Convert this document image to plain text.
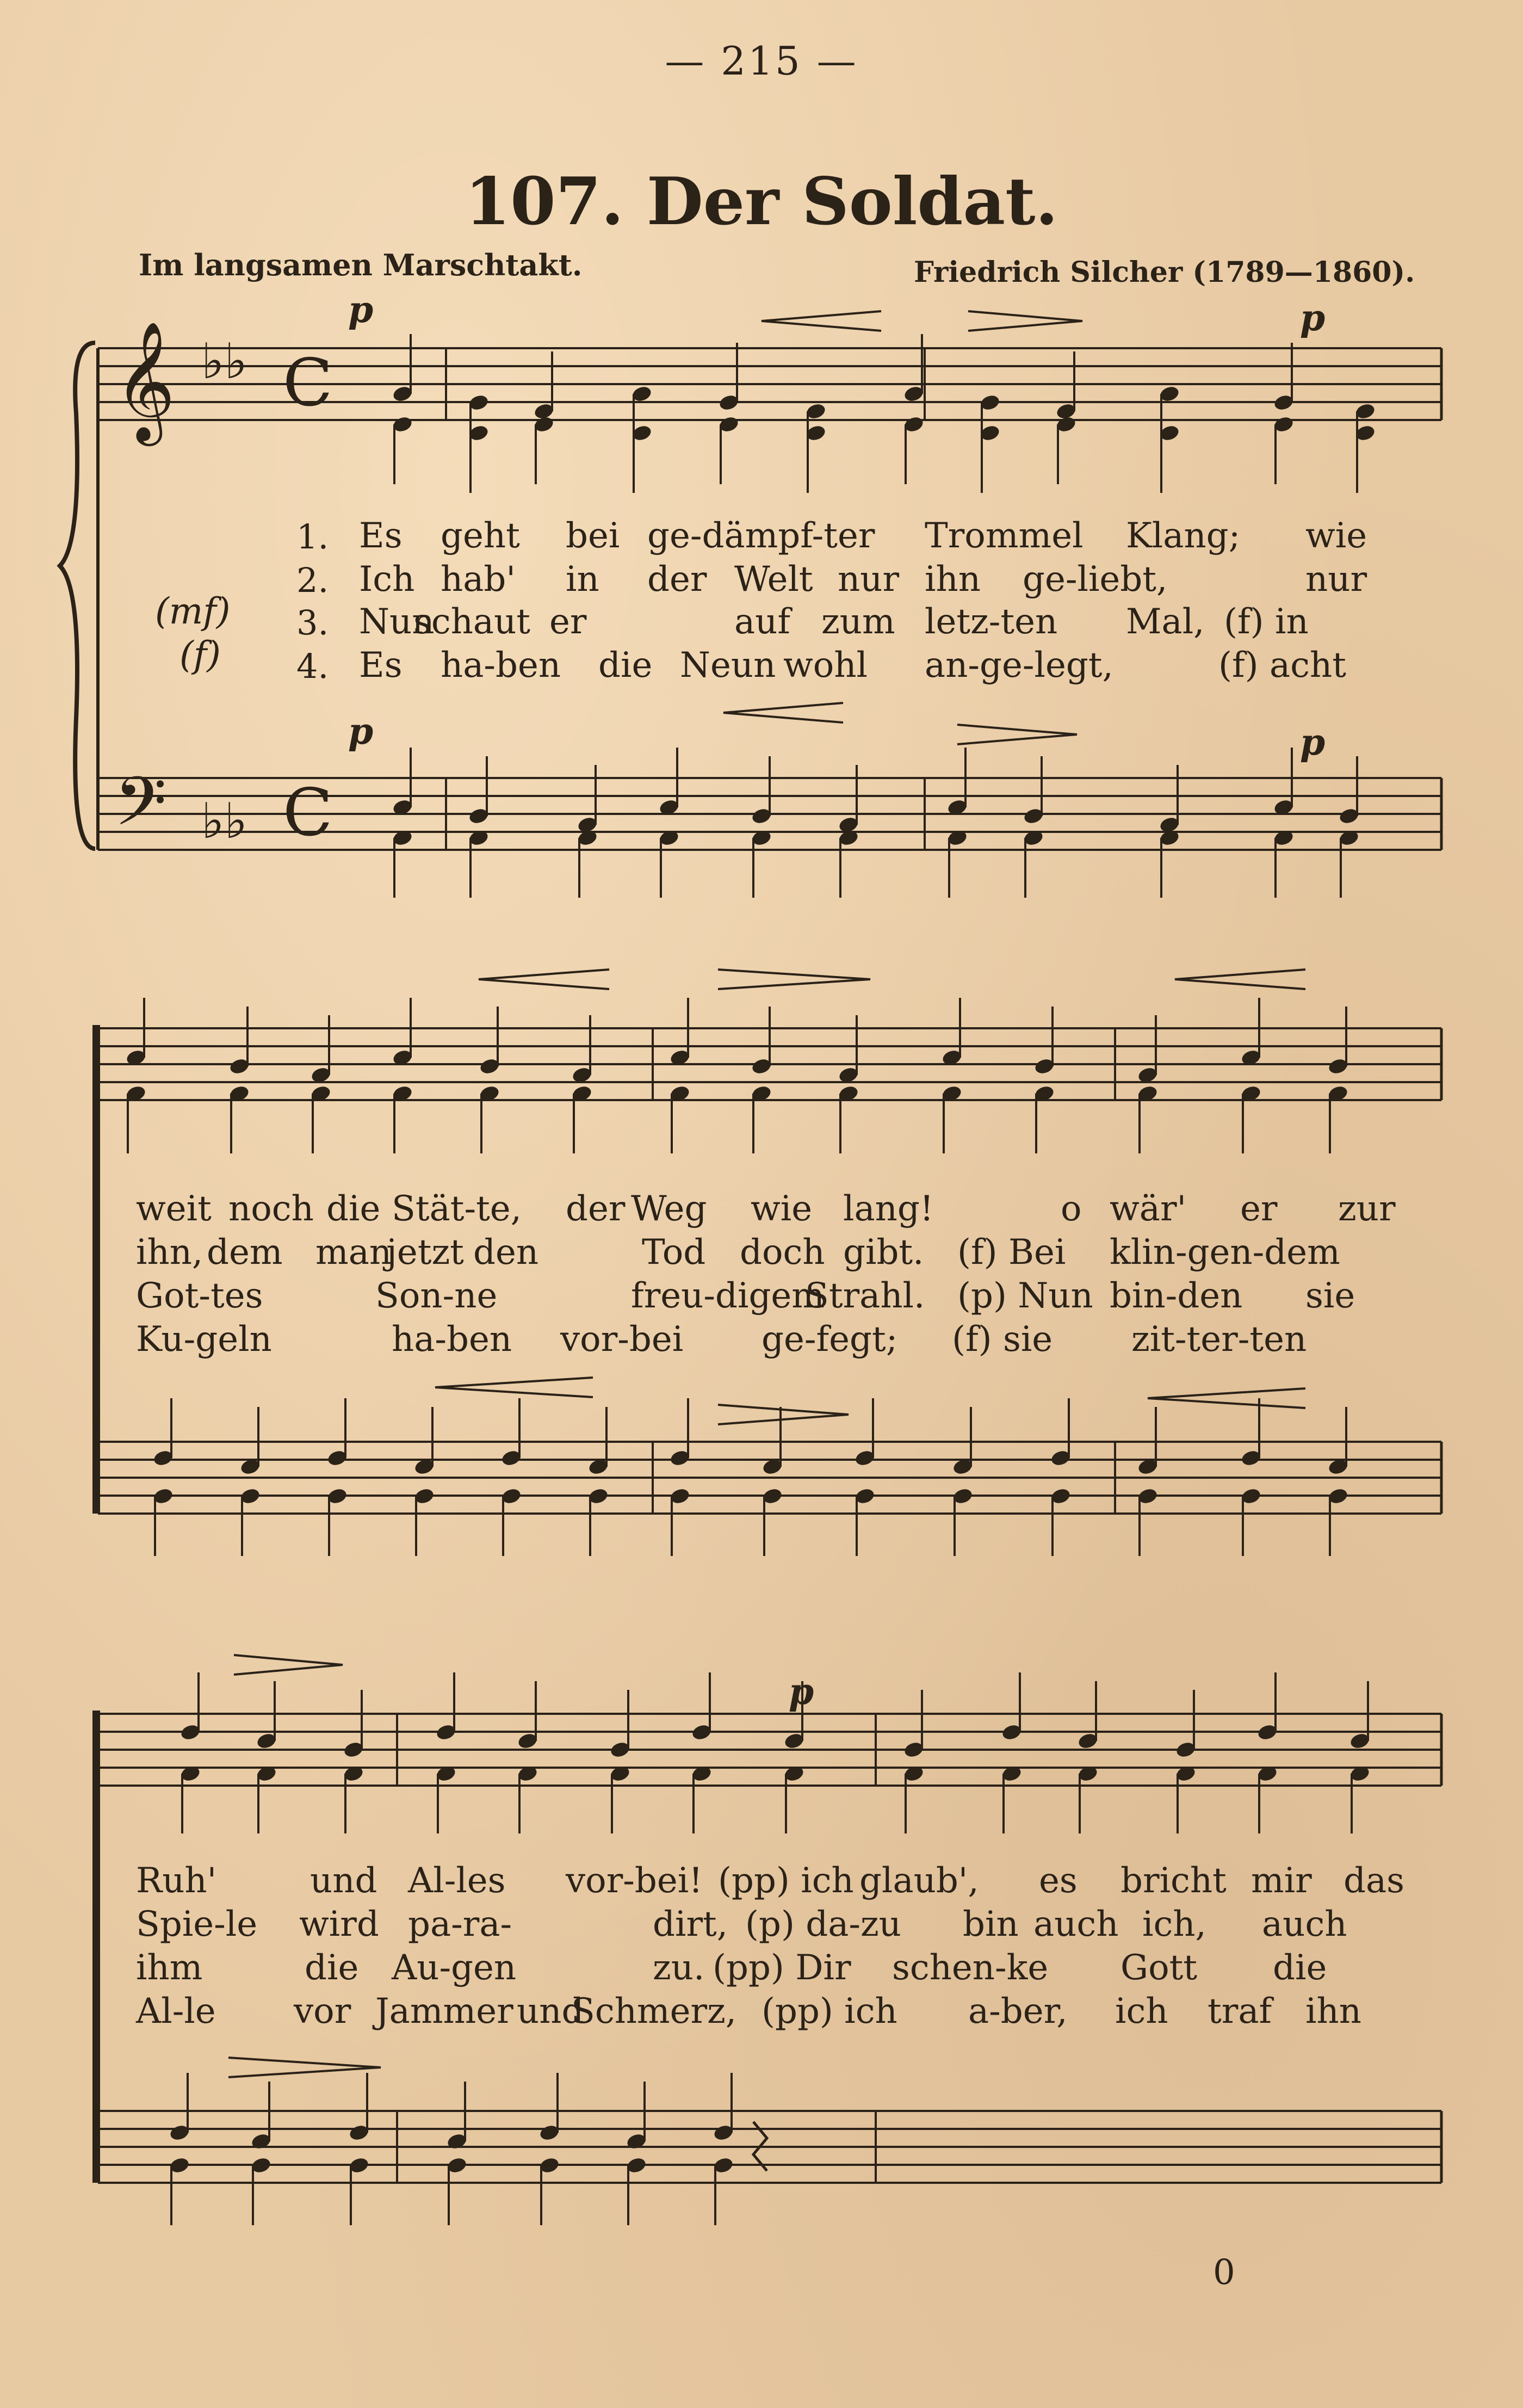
— 215 —
107. Der Soldat.
Im langsamen Marschtakt.	Friedrich Silcher (1789—1860).
𝄞
𝄢
C
C
♭♭
♭♭
p	p
(mf)
(f)
p	p
p
1.
2.
3.
4.
Es geht bei ge-dämpf-ter Trommel Klang; wie
Ich hab' in der Welt nur ihn ge-liebt,	nur
Nun
schaut er	auf zum letz-ten Mal, (f) in
Es ha-ben die Neun wohl an-ge-legt,	(f) acht
weit noch die Stät-te, der Weg wie lang!	o wär' er zur
ihn, dem man
jetzt den	Tod doch gibt. (f) Bei klin-gen-dem
Got-tes	Son-ne	freu-digem
Strahl. (p) Nun bin-den sie
Ku-geln	ha-ben vor-bei ge-fegt; (f) sie zit-ter-ten
Ruh'	und Al-les vor-bei! (pp) ich glaub', es bricht mir das
Spie-le wird pa-ra-	dirt, (p) da-zu bin auch ich, auch
ihm	die Au-gen	zu. (pp) Dir schen-ke Gott die
Al-le vor Jammer und
Schmerz, (pp) ich a-ber, ich traf ihn
0
